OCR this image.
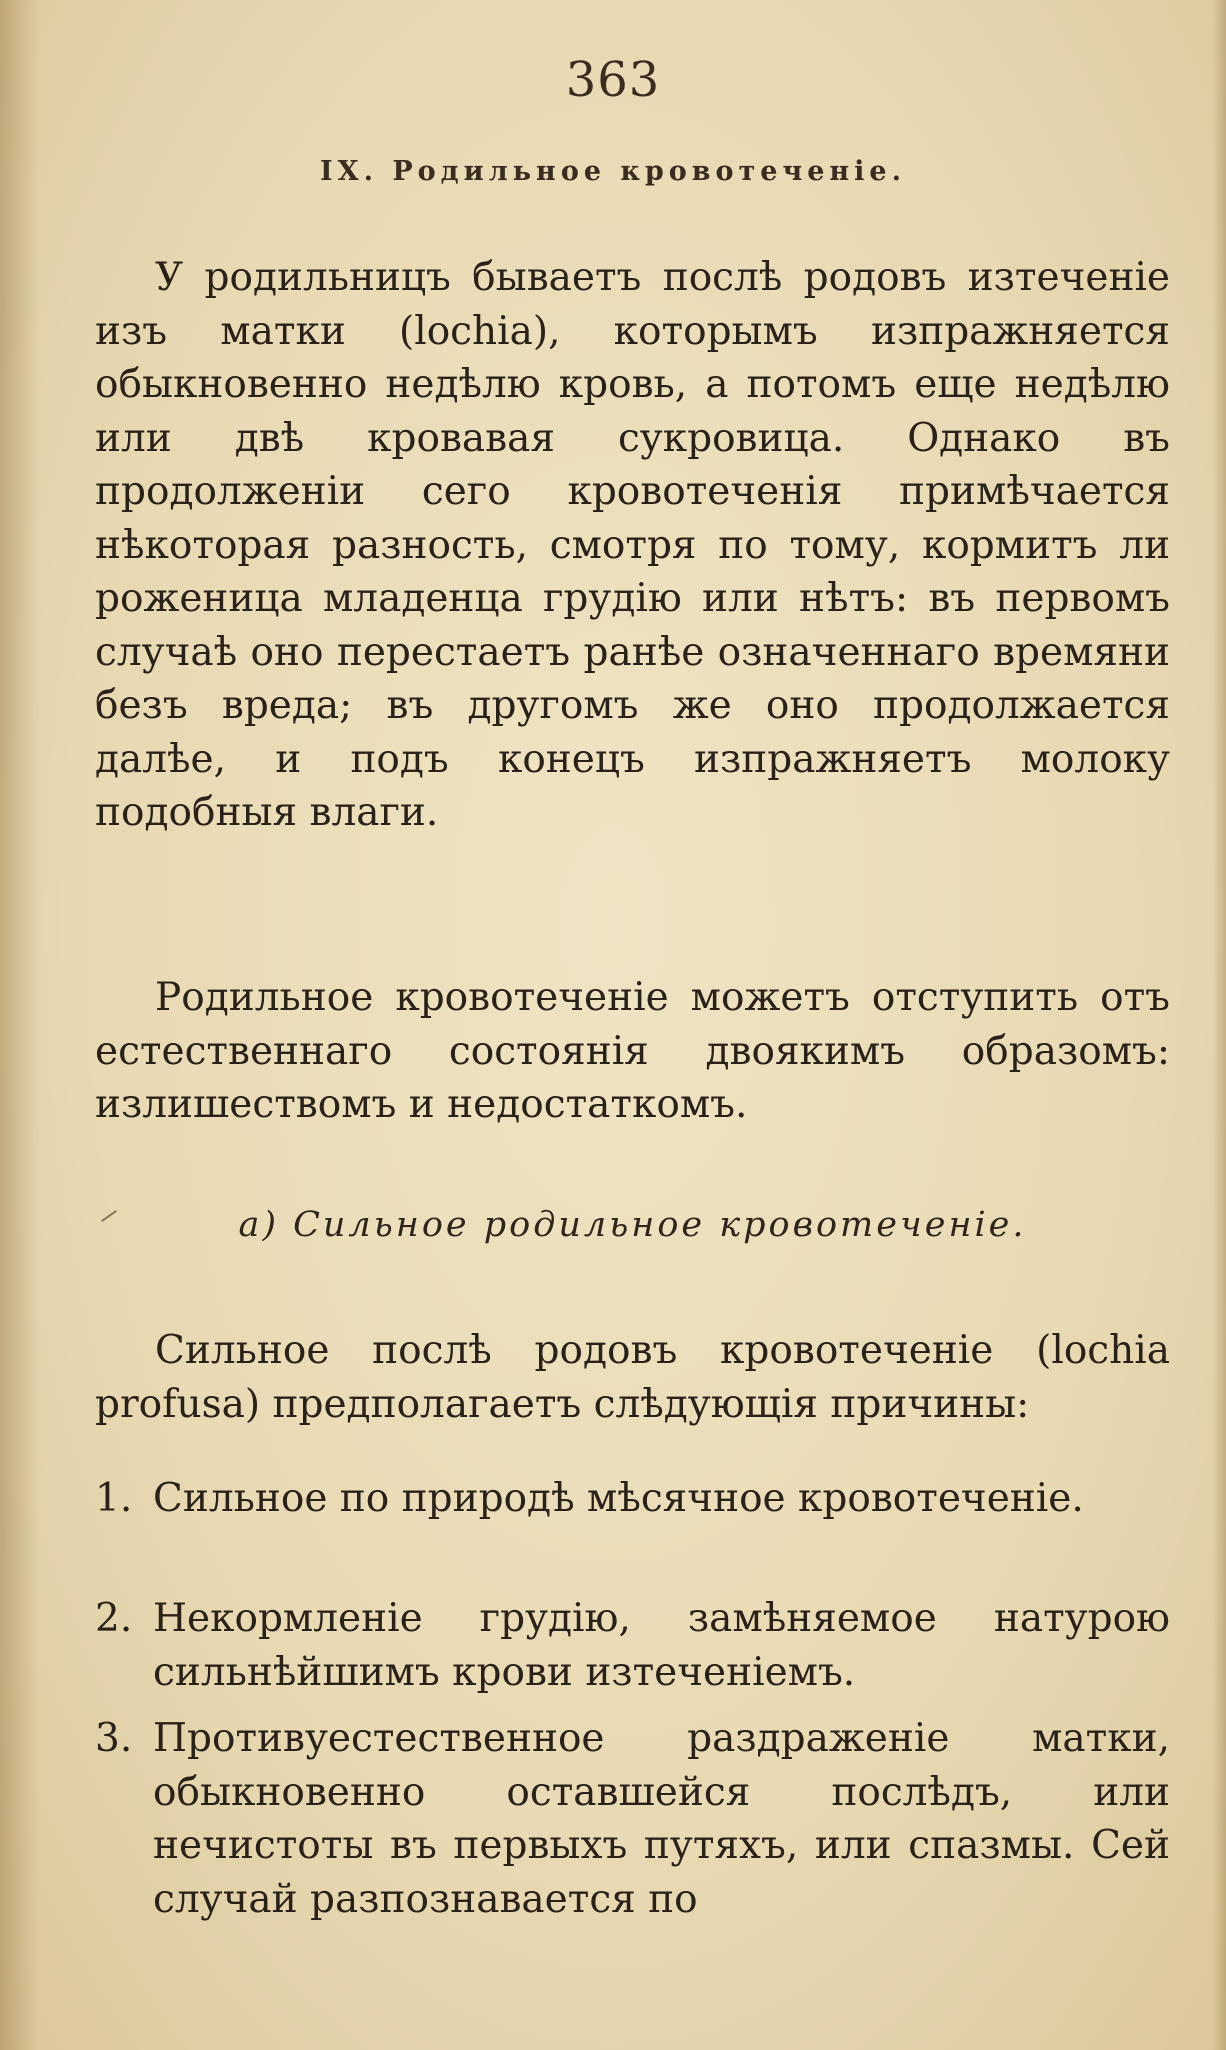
363
IX. Родильное кровотеченіе.

У родильницъ бываетъ послѣ родовъ изтеченіе изъ матки (lochia), которымъ изпражняется обыкновенно недѣлю кровь, а потомъ еще недѣлю или двѣ кровавая сукровица. Однако въ продолженіи сего кровотеченія примѣчается нѣкоторая разность, смотря по тому, кормитъ ли роженица младенца грудію или нѣтъ: въ первомъ случаѣ оно перестаетъ ранѣе означеннаго времяни безъ вреда; въ другомъ же оно продолжается далѣе, и подъ конецъ изпражняетъ молоку подобныя влаги.

Родильное кровотеченіе можетъ отступить отъ естественнаго состоянія двоякимъ образомъ: излишествомъ и недостаткомъ.

a) Сильное родильное кровотеченіе.

Сильное послѣ родовъ кровотеченіе (lochia profusa) предполагаетъ слѣдующія причины:

1. Сильное по природѣ мѣсячное кровотеченіе.
2. Некормленіе грудію, замѣняемое натурою сильнѣйшимъ крови изтеченіемъ.
3. Противуестественное раздраженіе матки, обыкновенно оставшейся послѣдъ, или нечистоты въ первыхъ путяхъ, или спазмы. Сей случай разпознавается по
